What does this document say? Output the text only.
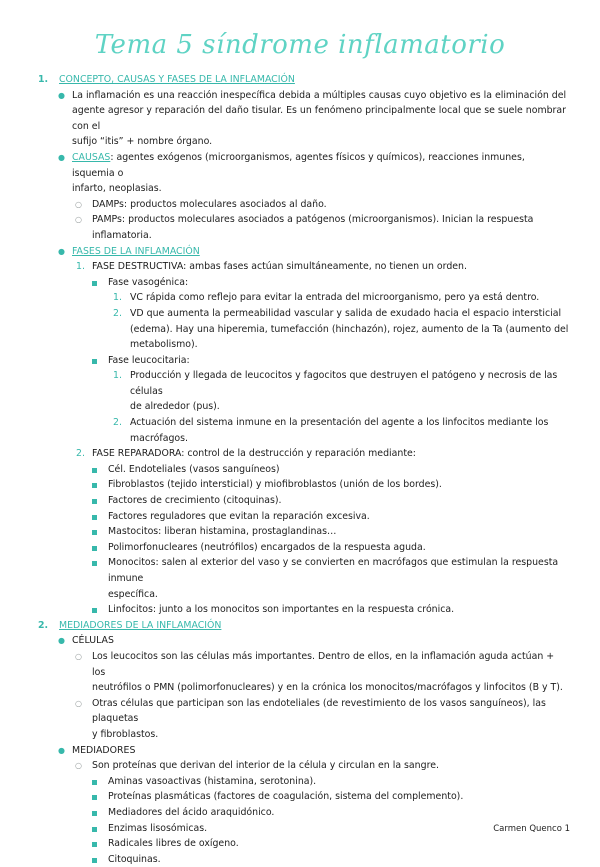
Tema 5 síndrome inflamatorio
1. CONCEPTO, CAUSAS Y FASES DE LA INFLAMACIÓN

● La inflamación es una reacción inespecífica debida a múltiples causas cuyo objetivo es la eliminación del
agente agresor y reparación del daño tisular. Es un fenómeno principalmente local que se suele nombrar con el
sufijo “itis” + nombre órgano.
● CAUSAS: agentes exógenos (microorganismos, agentes físicos y químicos), reacciones inmunes, isquemia o
infarto, neoplasias.
○ DAMPs: productos moleculares asociados al daño.
○ PAMPs: productos moleculares asociados a patógenos (microorganismos). Inician la respuesta
inflamatoria.
● FASES DE LA INFLAMACIÓN
1. FASE DESTRUCTIVA: ambas fases actúan simultáneamente, no tienen un orden.
Fase vasogénica:
1. VC rápida como reflejo para evitar la entrada del microorganismo, pero ya está dentro.
2. VD que aumenta la permeabilidad vascular y salida de exudado hacia el espacio intersticial
(edema). Hay una hiperemia, tumefacción (hinchazón), rojez, aumento de la Ta (aumento del
metabolismo).
Fase leucocitaria:
1. Producción y llegada de leucocitos y fagocitos que destruyen el patógeno y necrosis de las células
de alrededor (pus).
2. Actuación del sistema inmune en la presentación del agente a los linfocitos mediante los
macrófagos.
2. FASE REPARADORA: control de la destrucción y reparación mediante:
Cél. Endoteliales (vasos sanguíneos)
Fibroblastos (tejido intersticial) y miofibroblastos (unión de los bordes).
Factores de crecimiento (citoquinas).
Factores reguladores que evitan la reparación excesiva.
Mastocitos: liberan histamina, prostaglandinas…
Polimorfonucleares (neutrófilos) encargados de la respuesta aguda.
Monocitos: salen al exterior del vaso y se convierten en macrófagos que estimulan la respuesta inmune
específica.
Linfocitos: junto a los monocitos son importantes en la respuesta crónica.
2. MEDIADORES DE LA INFLAMACIÓN

● CÉLULAS
○ Los leucocitos son las células más importantes. Dentro de ellos, en la inflamación aguda actúan + los
neutrófilos o PMN (polimorfonucleares) y en la crónica los monocitos/macrófagos y linfocitos (B y T).
○ Otras células que participan son las endoteliales (de revestimiento de los vasos sanguíneos), las plaquetas
y fibroblastos.
● MEDIADORES
○ Son proteínas que derivan del interior de la célula y circulan en la sangre.
Aminas vasoactivas (histamina, serotonina).
Proteínas plasmáticas (factores de coagulación, sistema del complemento).
Mediadores del ácido araquidónico.
Enzimas lisosómicas.
Radicales libres de oxígeno.
Citoquinas.
Carmen Quenco 1
